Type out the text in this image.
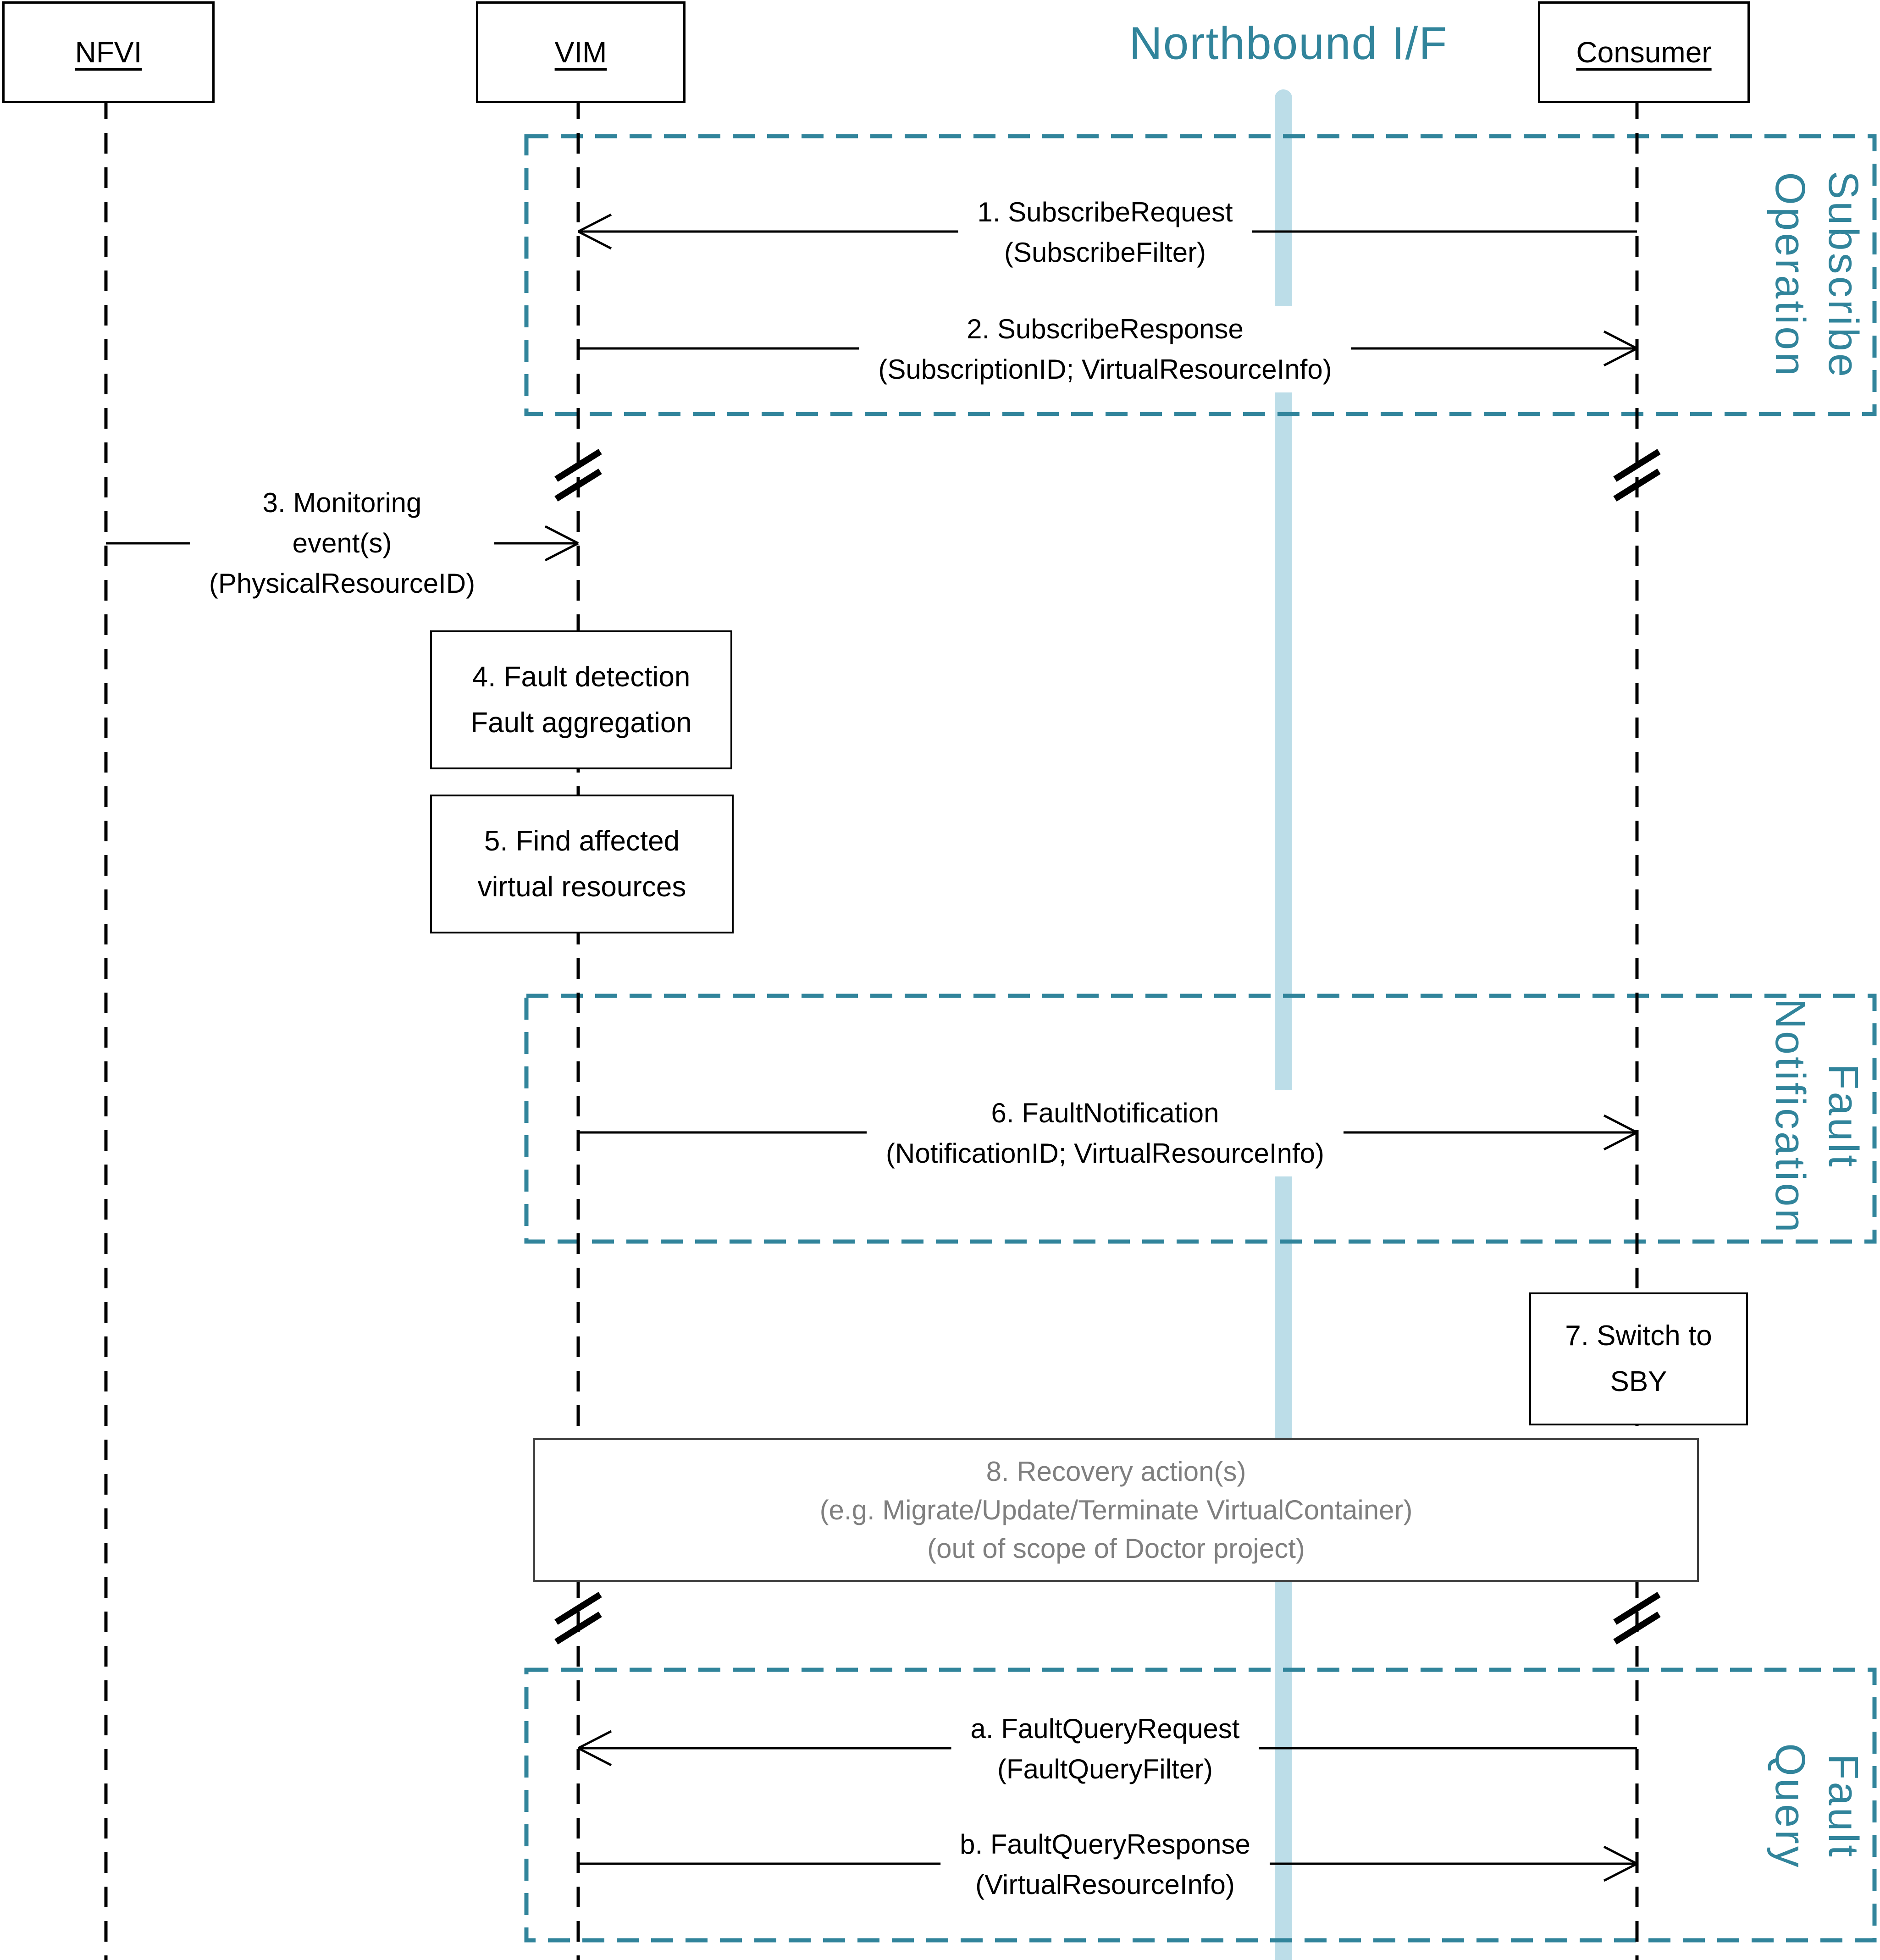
NFVI	VIM	Consumer
Northbound I/F
4. Fault detection
Fault aggregation
5. Find affected
virtual resources
7. Switch to
SBY
8. Recovery action(s)
(e.g. Migrate/Update/Terminate VirtualContainer)
(out of scope of Doctor project)
1. SubscribeRequest
(SubscribeFilter)
2. SubscribeResponse
(SubscriptionID; VirtualResourceInfo)
3. Monitoring
event(s)
(PhysicalResourceID)
6. FaultNotification
(NotificationID; VirtualResourceInfo)
a. FaultQueryRequest
(FaultQueryFilter)
b. FaultQueryResponse
(VirtualResourceInfo)
Subscribe
Operation
Fault
Notification
Fault
Query
